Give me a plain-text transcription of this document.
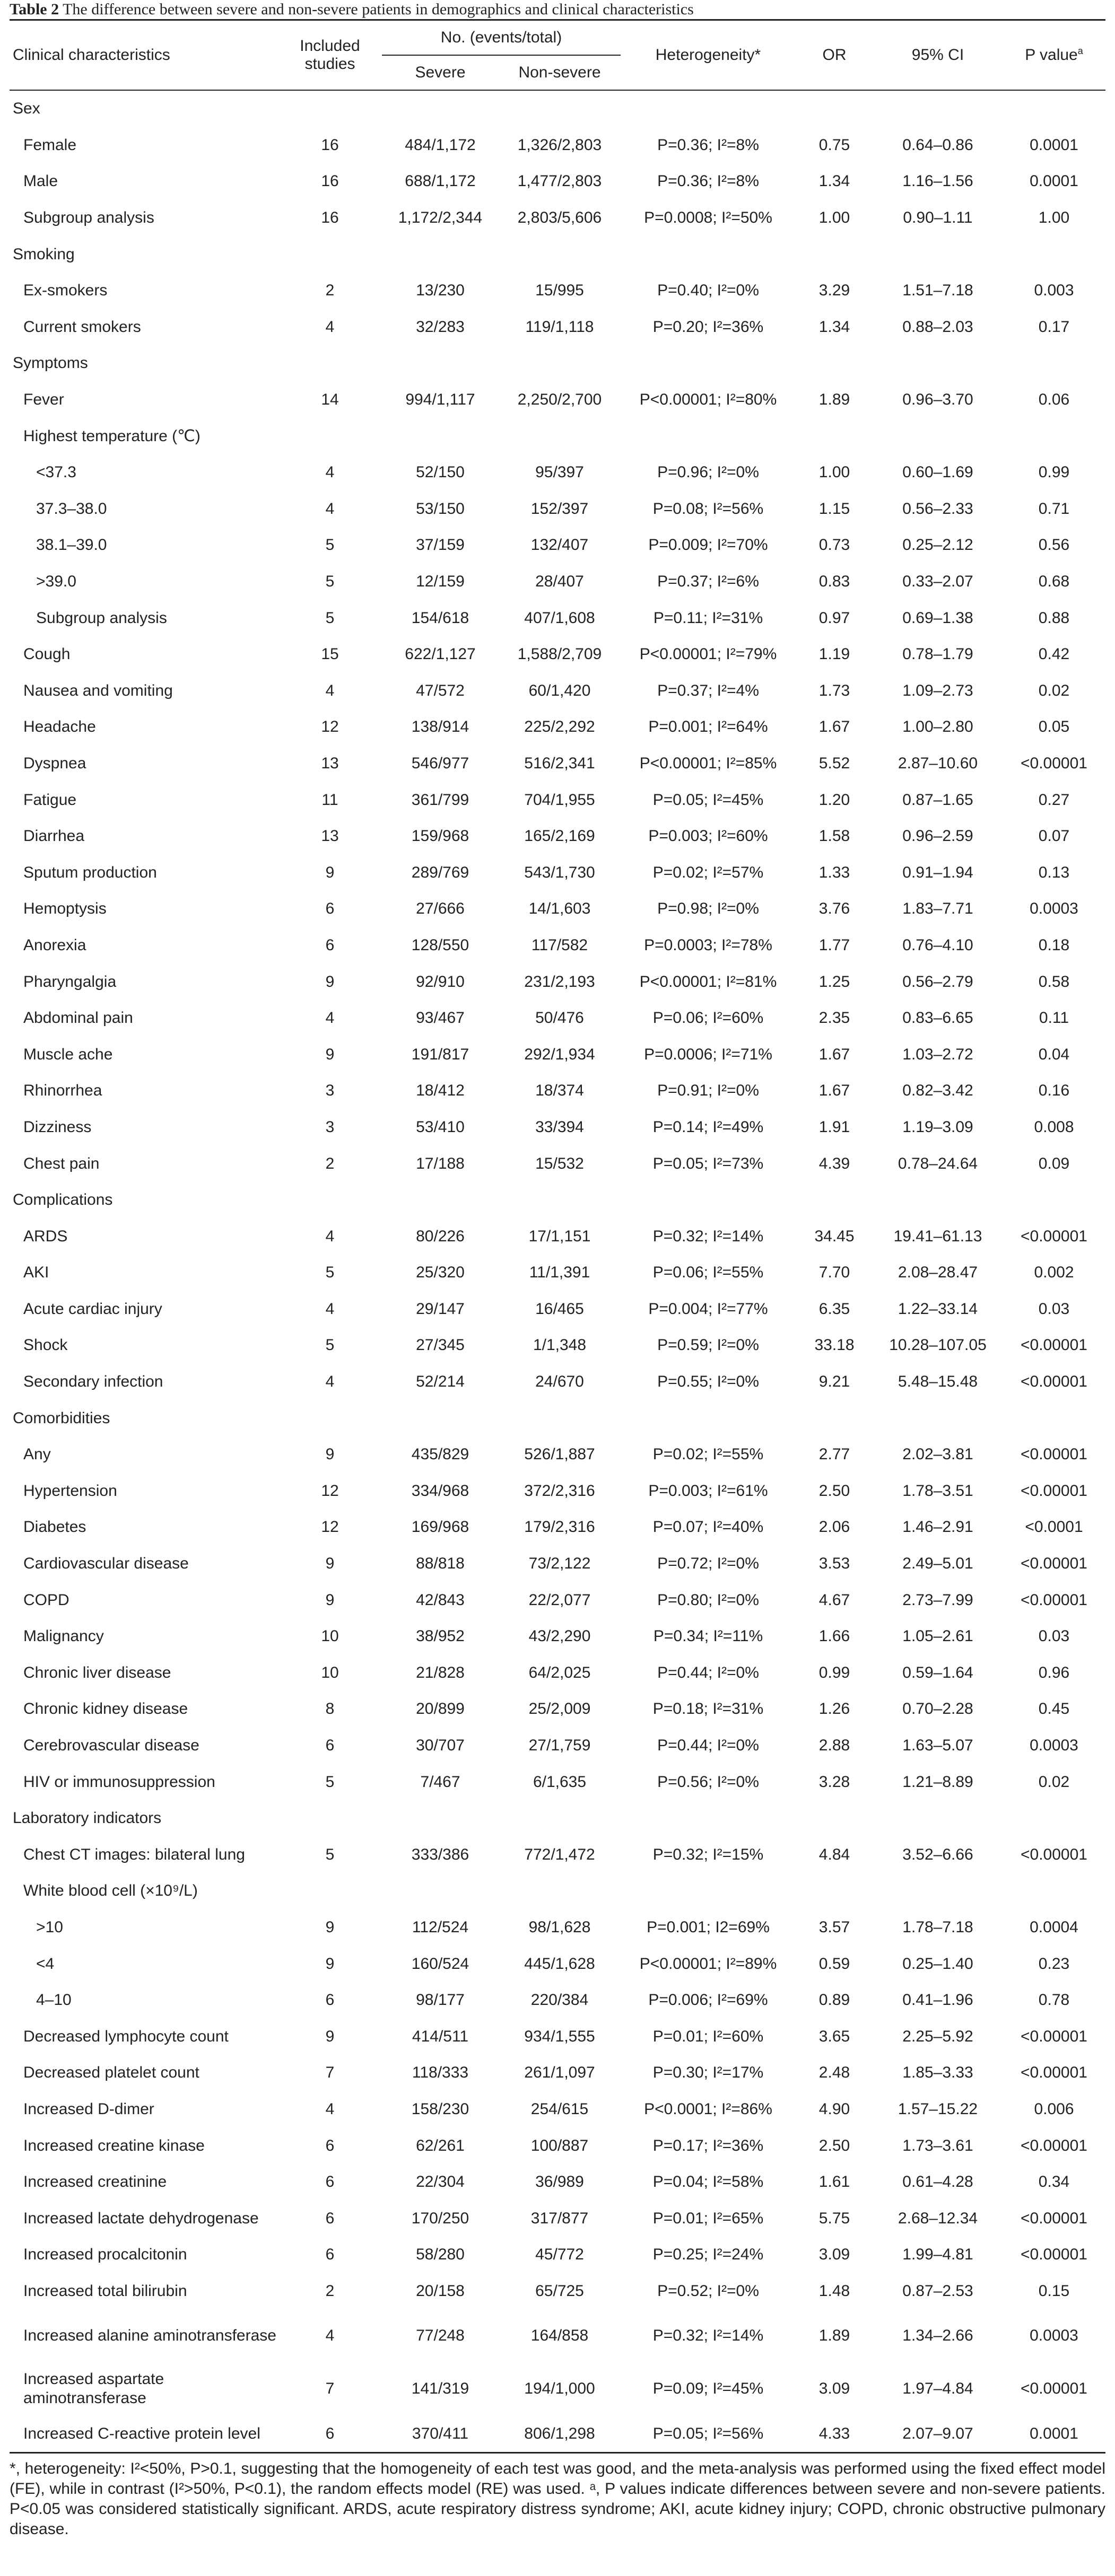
Table 2 The difference between severe and non-severe patients in demographics and clinical characteristics
Clinical characteristics	Included studies	No. (events/total)		Heterogeneity*	OR	95% CI	P value$^a$
		Severe	Non-severe				
Sex							
Female	16	484/1,172	1,326/2,803	P=0.36; I²=8%	0.75	0.64–0.86	0.0001
Male	16	688/1,172	1,477/2,803	P=0.36; I²=8%	1.34	1.16–1.56	0.0001
Subgroup analysis	16	1,172/2,344	2,803/5,606	P=0.0008; I²=50%	1.00	0.90–1.11	1.00
Smoking							
Ex-smokers	2	13/230	15/995	P=0.40; I²=0%	3.29	1.51–7.18	0.003
Current smokers	4	32/283	119/1,118	P=0.20; I²=36%	1.34	0.88–2.03	0.17
Symptoms							
Fever	14	994/1,117	2,250/2,700	P<0.00001; I²=80%	1.89	0.96–3.70	0.06
Highest temperature (℃)							
<37.3	4	52/150	95/397	P=0.96; I²=0%	1.00	0.60–1.69	0.99
37.3–38.0	4	53/150	152/397	P=0.08; I²=56%	1.15	0.56–2.33	0.71
38.1–39.0	5	37/159	132/407	P=0.009; I²=70%	0.73	0.25–2.12	0.56
>39.0	5	12/159	28/407	P=0.37; I²=6%	0.83	0.33–2.07	0.68
Subgroup analysis	5	154/618	407/1,608	P=0.11; I²=31%	0.97	0.69–1.38	0.88
Cough	15	622/1,127	1,588/2,709	P<0.00001; I²=79%	1.19	0.78–1.79	0.42
Nausea and vomiting	4	47/572	60/1,420	P=0.37; I²=4%	1.73	1.09–2.73	0.02
Headache	12	138/914	225/2,292	P=0.001; I²=64%	1.67	1.00–2.80	0.05
Dyspnea	13	546/977	516/2,341	P<0.00001; I²=85%	5.52	2.87–10.60	<0.00001
Fatigue	11	361/799	704/1,955	P=0.05; I²=45%	1.20	0.87–1.65	0.27
Diarrhea	13	159/968	165/2,169	P=0.003; I²=60%	1.58	0.96–2.59	0.07
Sputum production	9	289/769	543/1,730	P=0.02; I²=57%	1.33	0.91–1.94	0.13
Hemoptysis	6	27/666	14/1,603	P=0.98; I²=0%	3.76	1.83–7.71	0.0003
Anorexia	6	128/550	117/582	P=0.0003; I²=78%	1.77	0.76–4.10	0.18
Pharyngalgia	9	92/910	231/2,193	P<0.00001; I²=81%	1.25	0.56–2.79	0.58
Abdominal pain	4	93/467	50/476	P=0.06; I²=60%	2.35	0.83–6.65	0.11
Muscle ache	9	191/817	292/1,934	P=0.0006; I²=71%	1.67	1.03–2.72	0.04
Rhinorrhea	3	18/412	18/374	P=0.91; I²=0%	1.67	0.82–3.42	0.16
Dizziness	3	53/410	33/394	P=0.14; I²=49%	1.91	1.19–3.09	0.008
Chest pain	2	17/188	15/532	P=0.05; I²=73%	4.39	0.78–24.64	0.09
Complications							
ARDS	4	80/226	17/1,151	P=0.32; I²=14%	34.45	19.41–61.13	<0.00001
AKI	5	25/320	11/1,391	P=0.06; I²=55%	7.70	2.08–28.47	0.002
Acute cardiac injury	4	29/147	16/465	P=0.004; I²=77%	6.35	1.22–33.14	0.03
Shock	5	27/345	1/1,348	P=0.59; I²=0%	33.18	10.28–107.05	<0.00001
Secondary infection	4	52/214	24/670	P=0.55; I²=0%	9.21	5.48–15.48	<0.00001
Comorbidities							
Any	9	435/829	526/1,887	P=0.02; I²=55%	2.77	2.02–3.81	<0.00001
Hypertension	12	334/968	372/2,316	P=0.003; I²=61%	2.50	1.78–3.51	<0.00001
Diabetes	12	169/968	179/2,316	P=0.07; I²=40%	2.06	1.46–2.91	<0.0001
Cardiovascular disease	9	88/818	73/2,122	P=0.72; I²=0%	3.53	2.49–5.01	<0.00001
COPD	9	42/843	22/2,077	P=0.80; I²=0%	4.67	2.73–7.99	<0.00001
Malignancy	10	38/952	43/2,290	P=0.34; I²=11%	1.66	1.05–2.61	0.03
Chronic liver disease	10	21/828	64/2,025	P=0.44; I²=0%	0.99	0.59–1.64	0.96
Chronic kidney disease	8	20/899	25/2,009	P=0.18; I²=31%	1.26	0.70–2.28	0.45
Cerebrovascular disease	6	30/707	27/1,759	P=0.44; I²=0%	2.88	1.63–5.07	0.0003
HIV or immunosuppression	5	7/467	6/1,635	P=0.56; I²=0%	3.28	1.21–8.89	0.02
Laboratory indicators							
Chest CT images: bilateral lung	5	333/386	772/1,472	P=0.32; I²=15%	4.84	3.52–6.66	<0.00001
White blood cell (×10⁹/L)							
>10	9	112/524	98/1,628	P=0.001; I2=69%	3.57	1.78–7.18	0.0004
<4	9	160/524	445/1,628	P<0.00001; I²=89%	0.59	0.25–1.40	0.23
4–10	6	98/177	220/384	P=0.006; I²=69%	0.89	0.41–1.96	0.78
Decreased lymphocyte count	9	414/511	934/1,555	P=0.01; I²=60%	3.65	2.25–5.92	<0.00001
Decreased platelet count	7	118/333	261/1,097	P=0.30; I²=17%	2.48	1.85–3.33	<0.00001
Increased D-dimer	4	158/230	254/615	P<0.0001; I²=86%	4.90	1.57–15.22	0.006
Increased creatine kinase	6	62/261	100/887	P=0.17; I²=36%	2.50	1.73–3.61	<0.00001
Increased creatinine	6	22/304	36/989	P=0.04; I²=58%	1.61	0.61–4.28	0.34
Increased lactate dehydrogenase	6	170/250	317/877	P=0.01; I²=65%	5.75	2.68–12.34	<0.00001
Increased procalcitonin	6	58/280	45/772	P=0.25; I²=24%	3.09	1.99–4.81	<0.00001
Increased total bilirubin	2	20/158	65/725	P=0.52; I²=0%	1.48	0.87–2.53	0.15
Increased alanine aminotransferase	4	77/248	164/858	P=0.32; I²=14%	1.89	1.34–2.66	0.0003
Increased aspartate aminotransferase	7	141/319	194/1,000	P=0.09; I²=45%	3.09	1.97–4.84	<0.00001
Increased C-reactive protein level	6	370/411	806/1,298	P=0.05; I²=56%	4.33	2.07–9.07	0.0001
*, heterogeneity: I²<50%, P>0.1, suggesting that the homogeneity of each test was good, and the meta-analysis was performed using the fixed effect model (FE), while in contrast (I²>50%, P<0.1), the random effects model (RE) was used. ᵃ, P values indicate differences between severe and non-severe patients. P<0.05 was considered statistically significant. ARDS, acute respiratory distress syndrome; AKI, acute kidney injury; COPD, chronic obstructive pulmonary disease.
